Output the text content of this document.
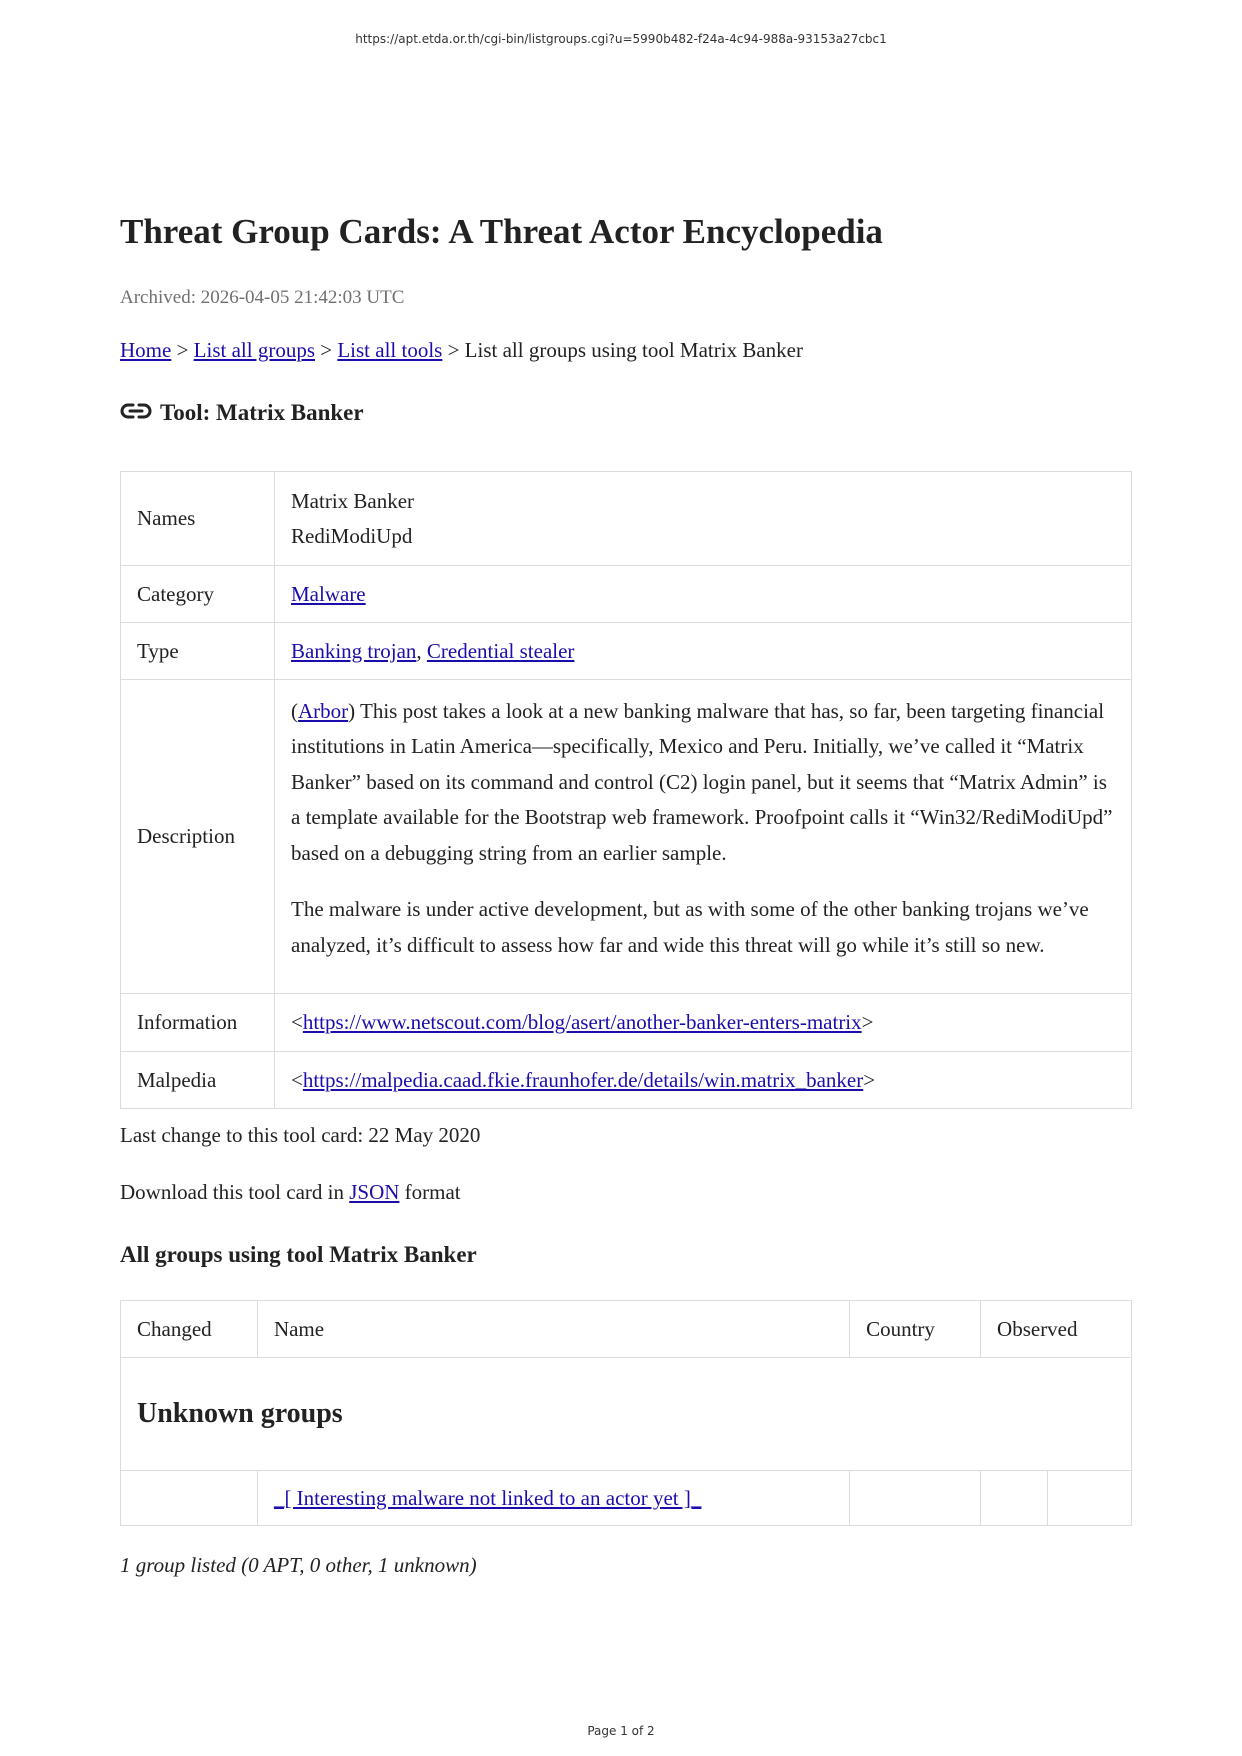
https://apt.etda.or.th/cgi-bin/listgroups.cgi?u=5990b482-f24a-4c94-988a-93153a27cbc1
Threat Group Cards: A Threat Actor Encyclopedia
Archived: 2026-04-05 21:42:03 UTC
Home > List all groups > List all tools > List all groups using tool Matrix Banker
Tool: Matrix Banker
Names	Matrix Banker
RediModiUpd

Category	Malware
Type	Banking trojan, Credential stealer
Description	(Arbor) This post takes a look at a new banking malware that has, so far, been targeting financial institutions in Latin America—specifically, Mexico and Peru. Initially, we’ve called it “Matrix Banker” based on its command and control (C2) login panel, but it seems that “Matrix Admin” is a template available for the Bootstrap web framework. Proofpoint calls it “Win32/RediModiUpd” based on a debugging string from an earlier sample.

The malware is under active development, but as with some of the other banking trojans we’ve analyzed, it’s difficult to assess how far and wide this threat will go while it’s still so new.

Information	<https://www.netscout.com/blog/asert/another-banker-enters-matrix>
Malpedia	<https://malpedia.caad.fkie.fraunhofer.de/details/win.matrix_banker>
Last change to this tool card: 22 May 2020
Download this tool card in JSON format
All groups using tool Matrix Banker
Changed	Name	Country	Observed	
Unknown groups				
	_[ Interesting malware not linked to an actor yet ]_			
1 group listed (0 APT, 0 other, 1 unknown)
Page 1 of 2
